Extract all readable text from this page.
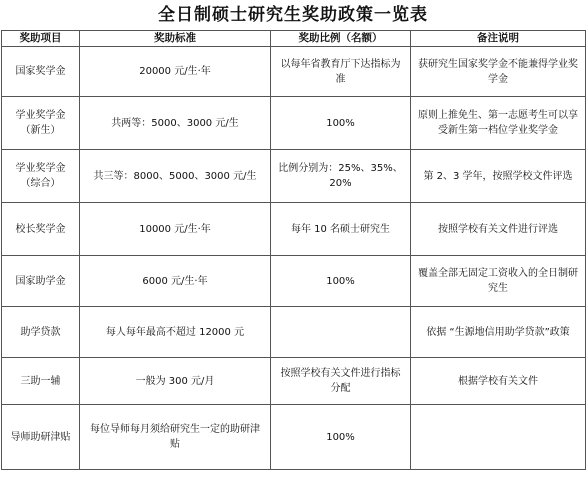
全日制硕士研究生奖助政策一览表
奖助项目	奖助标准	奖助比例（名额）	备注说明
国家奖学金	20000 元/生·年	以每年省教育厅下达指标为准	获研究生国家奖学金不能兼得学业奖学金
学业奖学金（新生）	共两等：5000、3000 元/生	100%	原则上推免生、第一志愿考生可以享受新生第一档位学业奖学金
学业奖学金（综合）	共三等：8000、5000、3000 元/生	比例分别为：25%、35%、20%	第 2、3 学年，按照学校文件评选
校长奖学金	10000 元/生·年	每年 10 名硕士研究生	按照学校有关文件进行评选
国家助学金	6000 元/生·年	100%	覆盖全部无固定工资收入的全日制研究生
助学贷款	每人每年最高不超过 12000 元		依据 “生源地信用助学贷款”政策
三助一辅	一般为 300 元/月	按照学校有关文件进行指标分配	根据学校有关文件
导师助研津贴	每位导师每月须给研究生一定的助研津贴	100%	
